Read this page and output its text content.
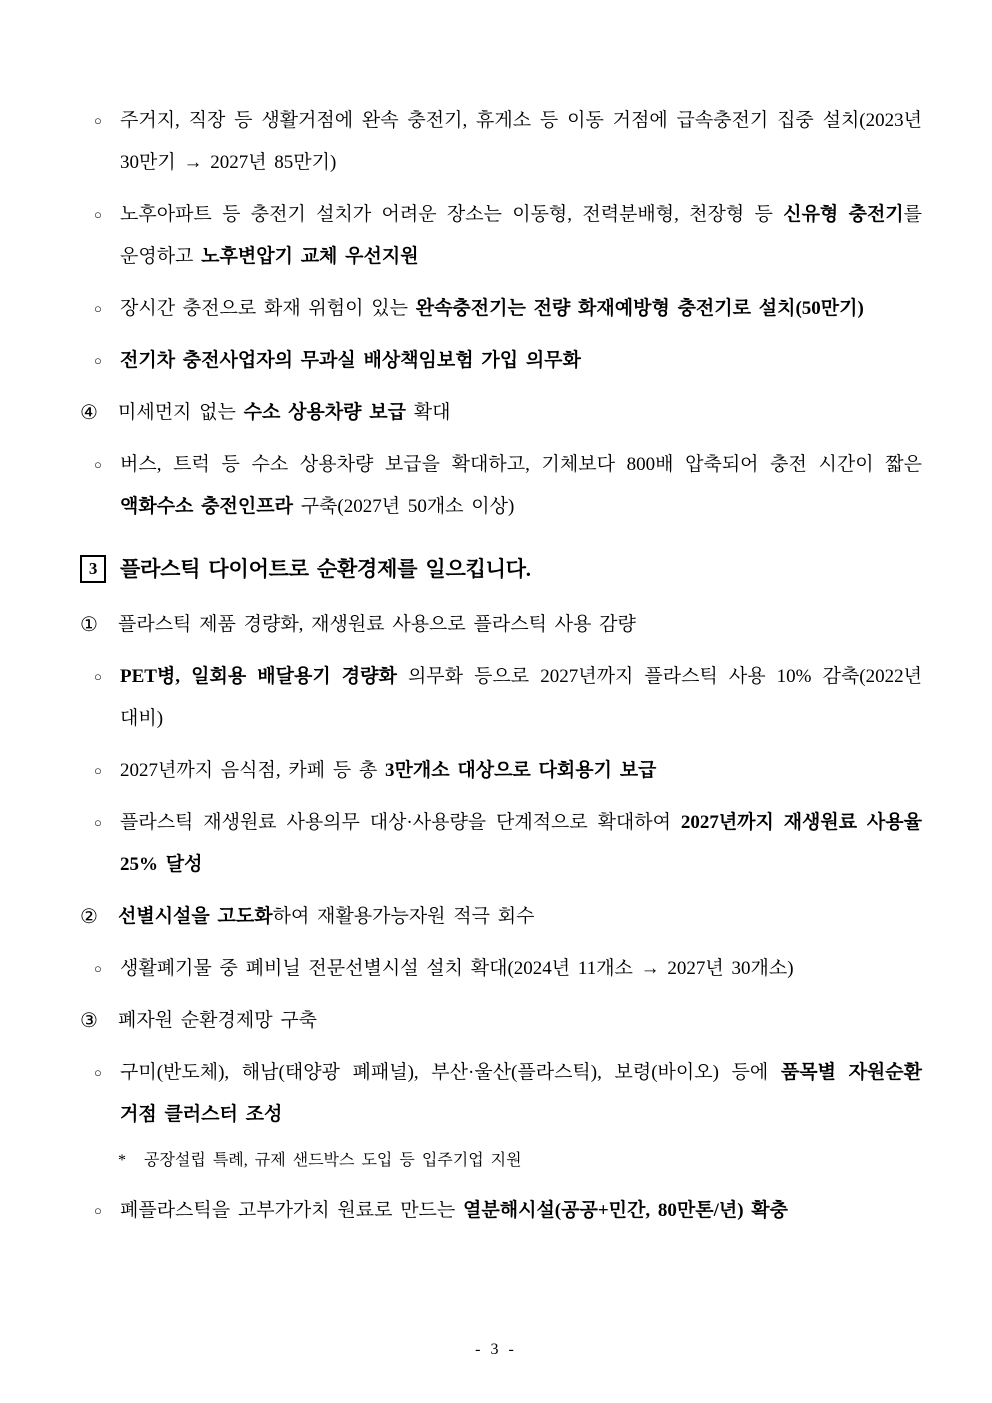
○ 주거지, 직장 등 생활거점에 완속 충전기, 휴게소 등 이동 거점에 급속충전기 집중 설치(2023년 30만기 → 2027년 85만기)
○ 노후아파트 등 충전기 설치가 어려운 장소는 이동형, 전력분배형, 천장형 등 신유형 충전기를 운영하고 노후변압기 교체 우선지원
○ 장시간 충전으로 화재 위험이 있는 완속충전기는 전량 화재예방형 충전기로 설치(50만기)
○ 전기차 충전사업자의 무과실 배상책임보험 가입 의무화
④ 미세먼지 없는 수소 상용차량 보급 확대
○ 버스, 트럭 등 수소 상용차량 보급을 확대하고, 기체보다 800배 압축되어 충전 시간이 짧은 액화수소 충전인프라 구축(2027년 50개소 이상)
3	플라스틱 다이어트로 순환경제를 일으킵니다.
① 플라스틱 제품 경량화, 재생원료 사용으로 플라스틱 사용 감량
○ PET병, 일회용 배달용기 경량화 의무화 등으로 2027년까지 플라스틱 사용 10% 감축(2022년 대비)
○ 2027년까지 음식점, 카페 등 총 3만개소 대상으로 다회용기 보급
○ 플라스틱 재생원료 사용의무 대상·사용량을 단계적으로 확대하여 2027년까지 재생원료 사용율 25% 달성
② 선별시설을 고도화하여 재활용가능자원 적극 회수
○ 생활폐기물 중 폐비닐 전문선별시설 설치 확대(2024년 11개소 → 2027년 30개소)
③ 폐자원 순환경제망 구축
○ 구미(반도체), 해남(태양광 폐패널), 부산·울산(플라스틱), 보령(바이오) 등에 품목별 자원순환 거점 클러스터 조성
* 공장설립 특례, 규제 샌드박스 도입 등 입주기업 지원
○ 폐플라스틱을 고부가가치 원료로 만드는 열분해시설(공공+민간, 80만톤/년) 확충
- 3 -
